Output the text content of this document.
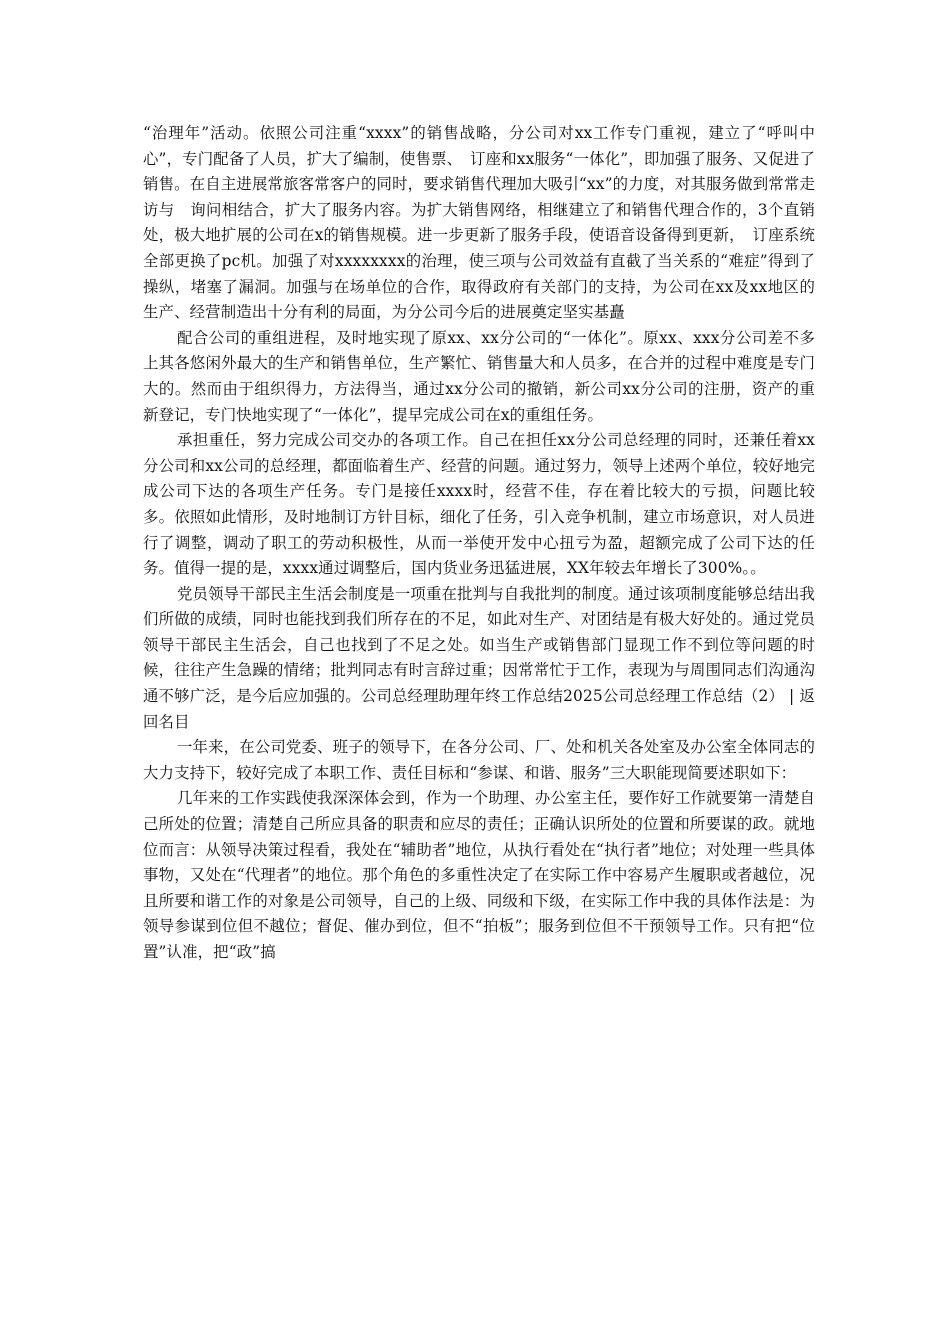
“治理年”活动。依照公司注重“xxxx”的销售战略，分公司对xx工作专门重视，建立了“呼叫中心”，专门配备了人员，扩大了编制，使售票、　订座和xx服务“一体化”，即加强了服务、又促进了销售。在自主进展常旅客常客户的同时，要求销售代理加大吸引“xx”的力度，对其服务做到常常走访与　询问相结合，扩大了服务内容。为扩大销售网络，相继建立了和销售代理合作的，3个直销处，极大地扩展的公司在x的销售规模。进一步更新了服务手段，使语音设备得到更新，　订座系统全部更换了pc机。加强了对xxxxxxxx的治理，使三项与公司效益有直截了当关系的“难症”得到了操纵，堵塞了漏洞。加强与在场单位的合作，取得政府有关部门的支持，为公司在xx及xx地区的生产、经营制造出十分有利的局面，为分公司今后的进展奠定坚实基矗

配合公司的重组进程，及时地实现了原xx、xx分公司的“一体化”。原xx、xxx分公司差不多上其各悠闲外最大的生产和销售单位，生产繁忙、销售量大和人员多，在合并的过程中难度是专门大的。然而由于组织得力，方法得当，通过xx分公司的撤销，新公司xx分公司的注册，资产的重新登记，专门快地实现了“一体化”，提早完成公司在x的重组任务。

承担重任，努力完成公司交办的各项工作。自己在担任xx分公司总经理的同时，还兼任着xx分公司和xx公司的总经理，都面临着生产、经营的问题。通过努力，领导上述两个单位，较好地完成公司下达的各项生产任务。专门是接任xxxx时，经营不佳，存在着比较大的亏损，问题比较多。依照如此情形，及时地制订方针目标，细化了任务，引入竞争机制，建立市场意识，对人员进行了调整，调动了职工的劳动积极性，从而一举使开发中心扭亏为盈，超额完成了公司下达的任务。值得一提的是，xxxx通过调整后，国内货业务迅猛进展，XX年较去年增长了300%。。

党员领导干部民主生活会制度是一项重在批判与自我批判的制度。通过该项制度能够总结出我们所做的成绩，同时也能找到我们所存在的不足，如此对生产、对团结是有极大好处的。通过党员领导干部民主生活会，自己也找到了不足之处。如当生产或销售部门显现工作不到位等问题的时候，往往产生急躁的情绪；批判同志有时言辞过重；因常常忙于工作，表现为与周围同志们沟通沟通不够广泛，是今后应加强的。公司总经理助理年终工作总结2025公司总经理工作总结（2） | 返回名目

一年来，在公司党委、班子的领导下，在各分公司、厂、处和机关各处室及办公室全体同志的大力支持下，较好完成了本职工作、责任目标和“参谋、和谐、服务”三大职能现简要述职如下：

几年来的工作实践使我深深体会到，作为一个助理、办公室主任，要作好工作就要第一清楚自己所处的位置；清楚自己所应具备的职责和应尽的责任；正确认识所处的位置和所要谋的政。就地位而言：从领导决策过程看，我处在“辅助者”地位，从执行看处在“执行者”地位；对处理一些具体事物，又处在“代理者”的地位。那个角色的多重性决定了在实际工作中容易产生履职或者越位，况且所要和谐工作的对象是公司领导，自己的上级、同级和下级，在实际工作中我的具体作法是：为领导参谋到位但不越位；督促、催办到位，但不“拍板”；服务到位但不干预领导工作。只有把“位置”认准，把“政”搞
